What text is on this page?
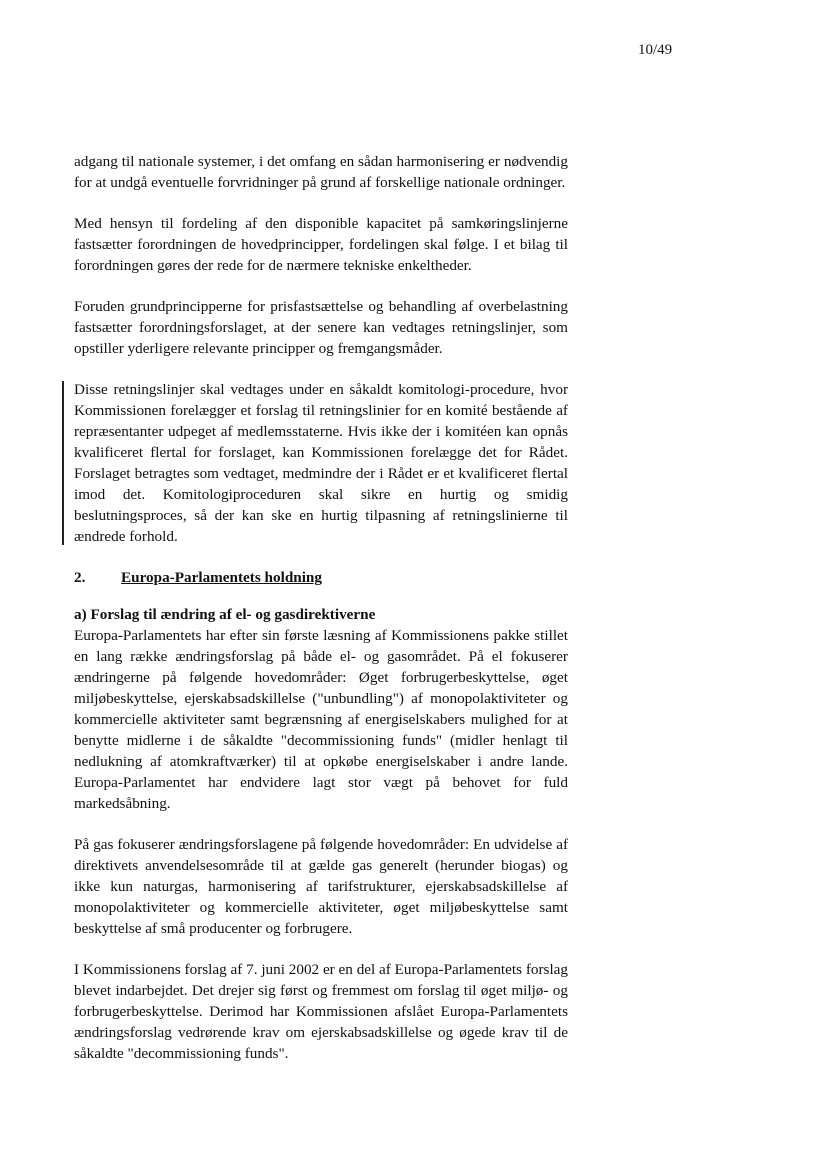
10/49

adgang til nationale systemer, i det omfang en sådan harmonisering er nødvendig for at undgå eventuelle forvridninger på grund af forskellige nationale ordninger.

Med hensyn til fordeling af den disponible kapacitet på samkøringslinjerne fastsætter forordningen de hovedprincipper, fordelingen skal følge. I et bilag til forordningen gøres der rede for de nærmere tekniske enkeltheder.

Foruden grundprincipperne for prisfastsættelse og behandling af overbelastning fastsætter forordningsforslaget, at der senere kan vedtages retningslinjer, som opstiller yderligere relevante principper og fremgangsmåder.

Disse retningslinjer skal vedtages under en såkaldt komitologi-procedure, hvor Kommissionen forelægger et forslag til retningslinier for en komité bestående af repræsentanter udpeget af medlemsstaterne. Hvis ikke der i komitéen kan opnås kvalificeret flertal for forslaget, kan Kommissionen forelægge det for Rådet. Forslaget betragtes som vedtaget, medmindre der i Rådet er et kvalificeret flertal imod det. Komitologiproceduren skal sikre en hurtig og smidig beslutningsproces, så der kan ske en hurtig tilpasning af retningslinierne til ændrede forhold.
2. Europa-Parlamentets holdning

a) Forslag til ændring af el- og gasdirektiverne

Europa-Parlamentets har efter sin første læsning af Kommissionens pakke stillet en lang række ændringsforslag på både el- og gasområdet. På el fokuserer ændringerne på følgende hovedområder: Øget forbrugerbeskyttelse, øget miljøbeskyttelse, ejerskabsadskillelse ("unbundling") af monopolaktiviteter og kommercielle aktiviteter samt begrænsning af energiselskabers mulighed for at benytte midlerne i de såkaldte "decommissioning funds" (midler henlagt til nedlukning af atomkraftværker) til at opkøbe energiselskaber i andre lande. Europa-Parlamentet har endvidere lagt stor vægt på behovet for fuld markedsåbning.

På gas fokuserer ændringsforslagene på følgende hovedområder: En udvidelse af direktivets anvendelsesområde til at gælde gas generelt (herunder biogas) og ikke kun naturgas, harmonisering af tarifstrukturer, ejerskabsadskillelse af monopolaktiviteter og kommercielle aktiviteter, øget miljøbeskyttelse samt beskyttelse af små producenter og forbrugere.

I Kommissionens forslag af 7. juni 2002 er en del af Europa-Parlamentets forslag blevet indarbejdet. Det drejer sig først og fremmest om forslag til øget miljø- og forbrugerbeskyttelse. Derimod har Kommissionen afslået Europa-Parlamentets ændringsforslag vedrørende krav om ejerskabsadskillelse og øgede krav til de såkaldte "decommissioning funds".
